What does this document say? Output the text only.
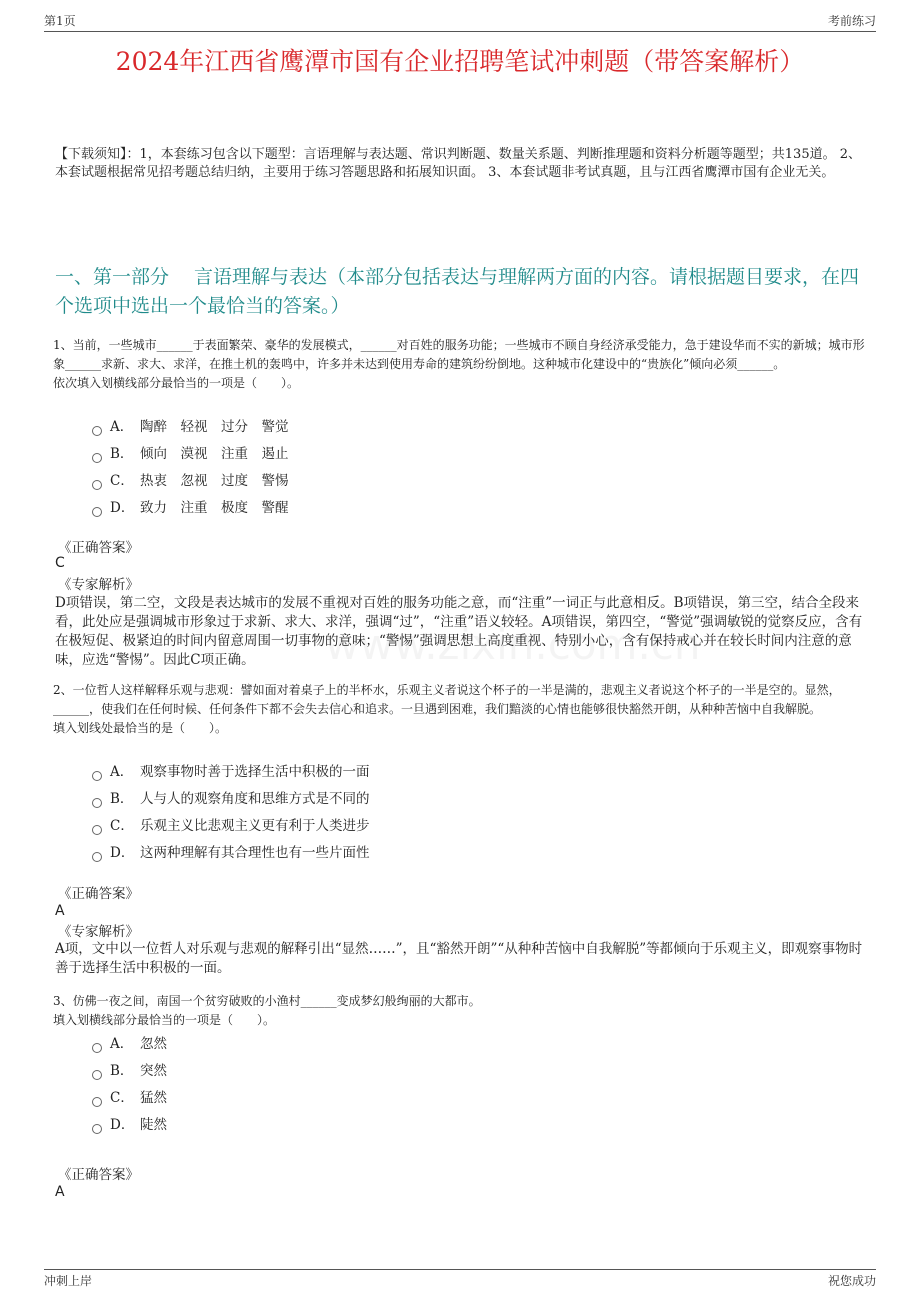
第1页	考前练习
2024年江西省鹰潭市国有企业招聘笔试冲刺题（带答案解析）
【下载须知】：1，本套练习包含以下题型：言语理解与表达题、常识判断题、数量关系题、判断推理题和资料分析题等题型；共135道。 2、本套试题根据常见招考题总结归纳，主要用于练习答题思路和拓展知识面。 3、本套试题非考试真题，且与江西省鹰潭市国有企业无关。
一、第一部分　 言语理解与表达（本部分包括表达与理解两方面的内容。请根据题目要求，在四个选项中选出一个最恰当的答案。）
1、当前，一些城市______于表面繁荣、豪华的发展模式，______对百姓的服务功能；一些城市不顾自身经济承受能力，急于建设华而不实的新城；城市形象______求新、求大、求洋，在推土机的轰鸣中，许多并未达到使用寿命的建筑纷纷倒地。这种城市化建设中的“贵族化”倾向必须______。
依次填入划横线部分最恰当的一项是（　　）。
A． 陶醉　轻视　过分　警觉
B． 倾向　漠视　注重　遏止
C． 热衷　忽视　过度　警惕
D． 致力　注重　极度　警醒
《正确答案》
C
《专家解析》
D项错误，第二空，文段是表达城市的发展不重视对百姓的服务功能之意，而“注重”一词正与此意相反。B项错误，第三空，结合全段来看，此处应是强调城市形象过于求新、求大、求洋，强调“过”，“注重”语义较轻。A项错误，第四空，“警觉”强调敏锐的觉察反应，含有在极短促、极紧迫的时间内留意周围一切事物的意味；“警惕”强调思想上高度重视、特别小心，含有保持戒心并在较长时间内注意的意味，应选“警惕”。因此C项正确。
2、一位哲人这样解释乐观与悲观：譬如面对着桌子上的半杯水，乐观主义者说这个杯子的一半是满的，悲观主义者说这个杯子的一半是空的。显然，______，使我们在任何时候、任何条件下都不会失去信心和追求。一旦遇到困难，我们黯淡的心情也能够很快豁然开朗，从种种苦恼中自我解脱。
填入划线处最恰当的是（　　）。
A． 观察事物时善于选择生活中积极的一面
B． 人与人的观察角度和思维方式是不同的
C． 乐观主义比悲观主义更有利于人类进步
D． 这两种理解有其合理性也有一些片面性
《正确答案》
A
《专家解析》
A项，文中以一位哲人对乐观与悲观的解释引出“显然……”，且“豁然开朗”“从种种苦恼中自我解脱”等都倾向于乐观主义，即观察事物时善于选择生活中积极的一面。
3、仿佛一夜之间，南国一个贫穷破败的小渔村______变成梦幻般绚丽的大都市。
填入划横线部分最恰当的一项是（　　）。
A． 忽然
B． 突然
C． 猛然
D． 陡然
《正确答案》
A
冲刺上岸	祝您成功
